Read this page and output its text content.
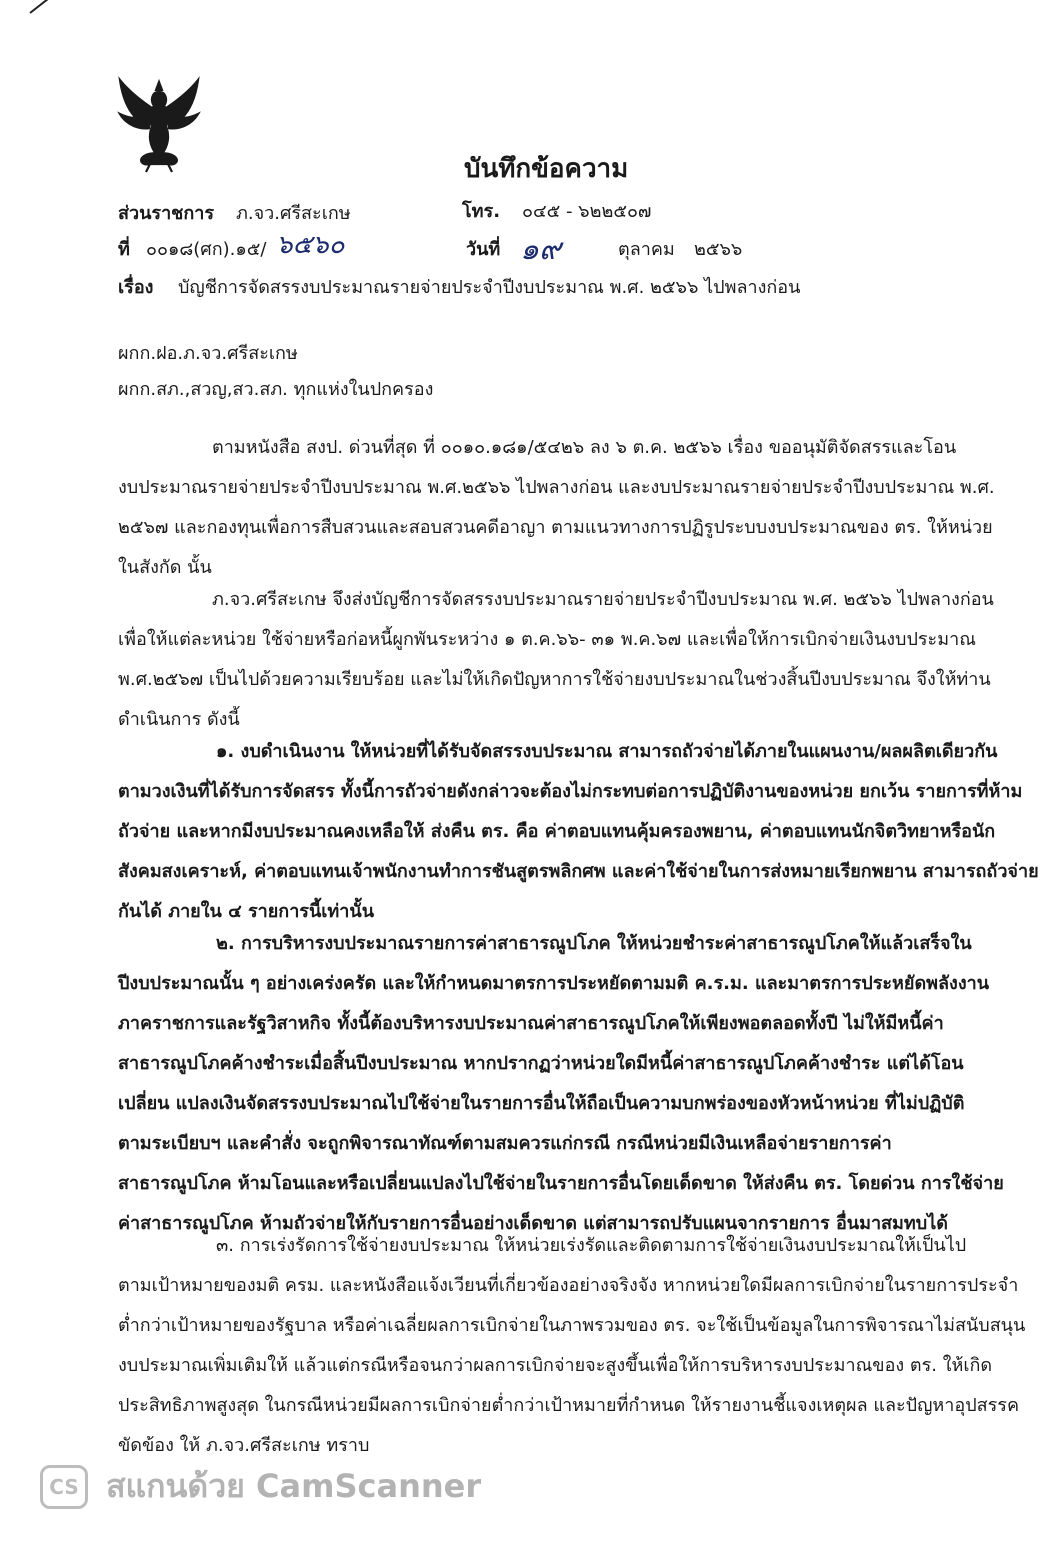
บันทึกข้อความ
ส่วนราชการ ภ.จว.ศรีสะเกษ	โทร. ๐๔๕ - ๖๒๒๕๐๗
ที่ ๐๐๑๘(ศก).๑๕/ ๖๕๖๐	วันที่ ๑๙	ตุลาคม ๒๕๖๖
เรื่อง บัญชีการจัดสรรงบประมาณรายจ่ายประจำปีงบประมาณ พ.ศ. ๒๕๖๖ ไปพลางก่อน
ผกก.ฝอ.ภ.จว.ศรีสะเกษ
ผกก.สภ.,สวญ,สว.สภ. ทุกแห่งในปกครอง
ตามหนังสือ สงป. ด่วนที่สุด ที่ ๐๐๑๐.๑๘๑/๕๔๒๖ ลง ๖ ต.ค. ๒๕๖๖ เรื่อง ขออนุมัติจัดสรรและโอน
งบประมาณรายจ่ายประจำปีงบประมาณ พ.ศ.๒๕๖๖ ไปพลางก่อน และงบประมาณรายจ่ายประจำปีงบประมาณ พ.ศ.
๒๕๖๗ และกองทุนเพื่อการสืบสวนและสอบสวนคดีอาญา ตามแนวทางการปฏิรูประบบงบประมาณของ ตร. ให้หน่วย
ในสังกัด นั้น
ภ.จว.ศรีสะเกษ จึงส่งบัญชีการจัดสรรงบประมาณรายจ่ายประจำปีงบประมาณ พ.ศ. ๒๕๖๖ ไปพลางก่อน
เพื่อให้แต่ละหน่วย ใช้จ่ายหรือก่อหนี้ผูกพันระหว่าง ๑ ต.ค.๖๖- ๓๑ พ.ค.๖๗ และเพื่อให้การเบิกจ่ายเงินงบประมาณ
พ.ศ.๒๕๖๗ เป็นไปด้วยความเรียบร้อย และไม่ให้เกิดปัญหาการใช้จ่ายงบประมาณในช่วงสิ้นปีงบประมาณ จึงให้ท่าน
ดำเนินการ ดังนี้
๑. งบดำเนินงาน ให้หน่วยที่ได้รับจัดสรรงบประมาณ สามารถถัวจ่ายได้ภายในแผนงาน/ผลผลิตเดียวกัน
ตามวงเงินที่ได้รับการจัดสรร ทั้งนี้การถัวจ่ายดังกล่าวจะต้องไม่กระทบต่อการปฏิบัติงานของหน่วย ยกเว้น รายการที่ห้าม
ถัวจ่าย และหากมีงบประมาณคงเหลือให้ ส่งคืน ตร. คือ ค่าตอบแทนคุ้มครองพยาน, ค่าตอบแทนนักจิตวิทยาหรือนัก
สังคมสงเคราะห์, ค่าตอบแทนเจ้าพนักงานทำการชันสูตรพลิกศพ และค่าใช้จ่ายในการส่งหมายเรียกพยาน สามารถถัวจ่าย
กันได้ ภายใน ๔ รายการนี้เท่านั้น
๒. การบริหารงบประมาณรายการค่าสาธารณูปโภค ให้หน่วยชำระค่าสาธารณูปโภคให้แล้วเสร็จใน
ปีงบประมาณนั้น ๆ อย่างเคร่งครัด และให้กำหนดมาตรการประหยัดตามมติ ค.ร.ม. และมาตรการประหยัดพลังงาน
ภาคราชการและรัฐวิสาหกิจ ทั้งนี้ต้องบริหารงบประมาณค่าสาธารณูปโภคให้เพียงพอตลอดทั้งปี ไม่ให้มีหนี้ค่า
สาธารณูปโภคค้างชำระเมื่อสิ้นปีงบประมาณ หากปรากฏว่าหน่วยใดมีหนี้ค่าสาธารณูปโภคค้างชำระ แต่ได้โอน
เปลี่ยน แปลงเงินจัดสรรงบประมาณไปใช้จ่ายในรายการอื่นให้ถือเป็นความบกพร่องของหัวหน้าหน่วย ที่ไม่ปฏิบัติ
ตามระเบียบฯ และคำสั่ง จะถูกพิจารณาทัณฑ์ตามสมควรแก่กรณี กรณีหน่วยมีเงินเหลือจ่ายรายการค่า
สาธารณูปโภค ห้ามโอนและหรือเปลี่ยนแปลงไปใช้จ่ายในรายการอื่นโดยเด็ดขาด ให้ส่งคืน ตร. โดยด่วน การใช้จ่าย
ค่าสาธารณูปโภค ห้ามถัวจ่ายให้กับรายการอื่นอย่างเด็ดขาด แต่สามารถปรับแผนจากรายการ อื่นมาสมทบได้
๓. การเร่งรัดการใช้จ่ายงบประมาณ ให้หน่วยเร่งรัดและติดตามการใช้จ่ายเงินงบประมาณให้เป็นไป
ตามเป้าหมายของมติ ครม. และหนังสือแจ้งเวียนที่เกี่ยวข้องอย่างจริงจัง หากหน่วยใดมีผลการเบิกจ่ายในรายการประจำ
ต่ำกว่าเป้าหมายของรัฐบาล หรือค่าเฉลี่ยผลการเบิกจ่ายในภาพรวมของ ตร. จะใช้เป็นข้อมูลในการพิจารณาไม่สนับสนุน
งบประมาณเพิ่มเติมให้ แล้วแต่กรณีหรือจนกว่าผลการเบิกจ่ายจะสูงขึ้นเพื่อให้การบริหารงบประมาณของ ตร. ให้เกิด
ประสิทธิภาพสูงสุด ในกรณีหน่วยมีผลการเบิกจ่ายต่ำกว่าเป้าหมายที่กำหนด ให้รายงานชี้แจงเหตุผล และปัญหาอุปสรรค
ขัดข้อง ให้ ภ.จว.ศรีสะเกษ ทราบ
CS สแกนด้วย CamScanner
